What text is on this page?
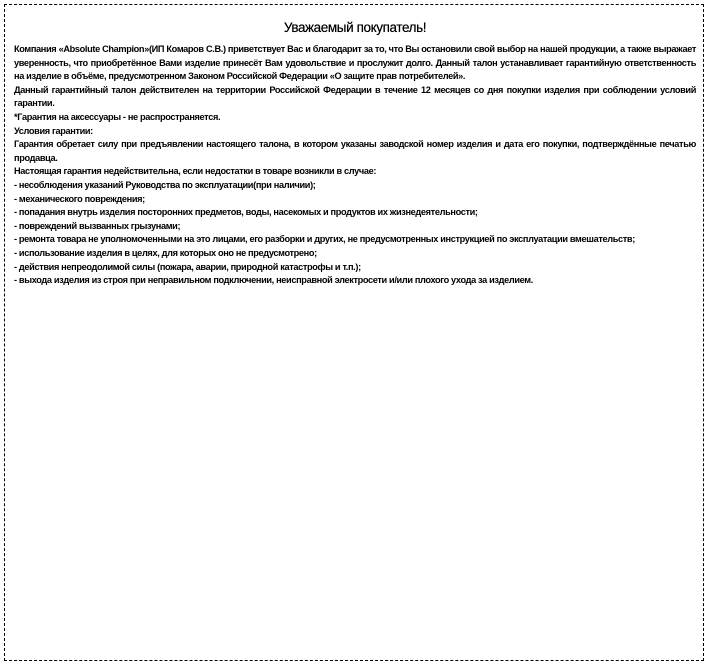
Уважаемый покупатель!

Компания «Absolute Champion»(ИП Комаров С.В.) приветствует Вас и благодарит за то, что Вы остановили свой выбор на нашей продукции, а также выражает уверенность, что приобретённое Вами изделие принесёт Вам удовольствие и прослужит долго. Данный талон устанавливает гарантийную ответственность на изделие в объёме, предусмотренном Законом Российской Федерации «О защите прав потребителей».

Данный гарантийный талон действителен на территории Российской Федерации в течение 12 месяцев со дня покупки изделия при соблюдении условий гарантии.

*Гарантия на аксессуары - не распространяется.

Условия гарантии:

Гарантия обретает силу при предъявлении настоящего талона, в котором указаны заводской номер изделия и дата его покупки, подтверждённые печатью продавца.

Настоящая гарантия недействительна, если недостатки в товаре возникли в случае:

- несоблюдения указаний Руководства по эксплуатации(при наличии);

- механического повреждения;

- попадания внутрь изделия посторонних предметов, воды, насекомых и продуктов их жизнедеятельности;

- повреждений вызванных грызунами;

- ремонта товара не уполномоченными на это лицами, его разборки и других, не предусмотренных инструкцией по эксплуатации вмешательств;

- использование изделия в целях, для которых оно не предусмотрено;

- действия непреодолимой силы (пожара, аварии, природной катастрофы и т.п.);

- выхода изделия из строя при неправильном подключении, неисправной электросети и/или плохого ухода за изделием.
